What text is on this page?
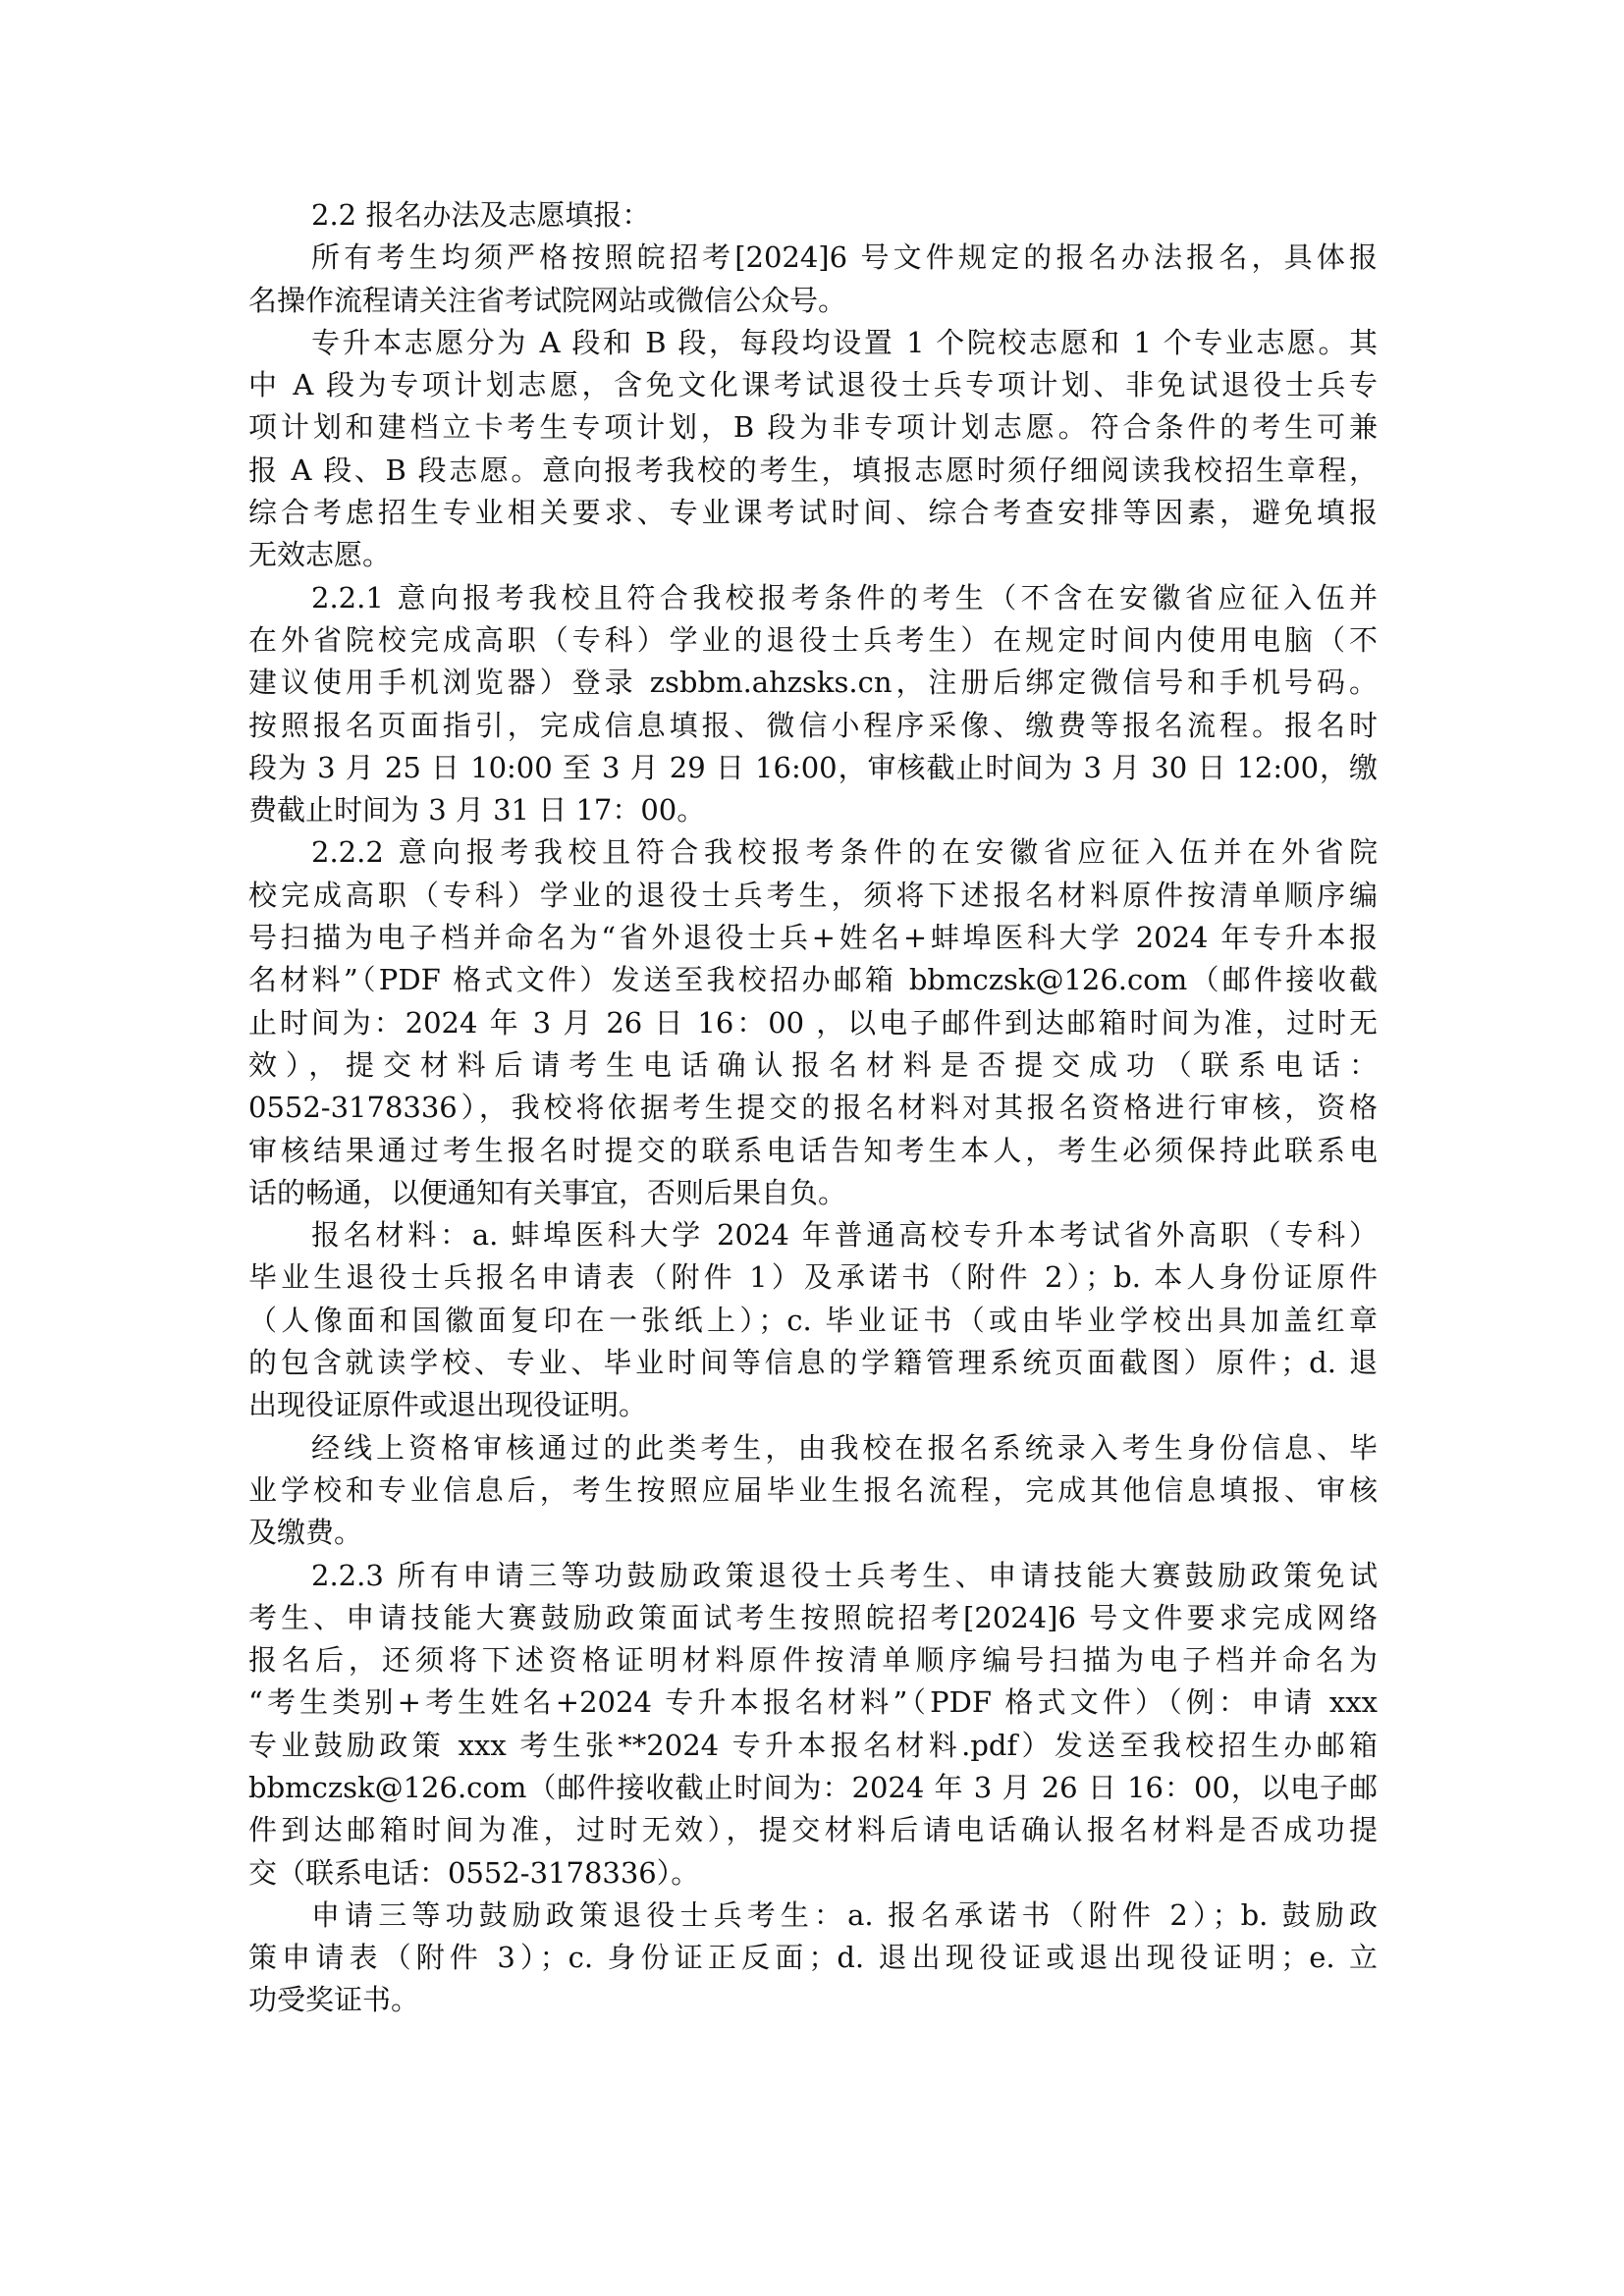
2.2 报名办法及志愿填报：

所有考生均须严格按照皖招考[2024]6 号文件规定的报名办法报名，具体报
名操作流程请关注省考试院网站或微信公众号。

专升本志愿分为 A 段和 B 段，每段均设置 1 个院校志愿和 1 个专业志愿。其
中 A 段为专项计划志愿，含免文化课考试退役士兵专项计划、非免试退役士兵专
项计划和建档立卡考生专项计划，B 段为非专项计划志愿。符合条件的考生可兼
报 A 段、B 段志愿。意向报考我校的考生，填报志愿时须仔细阅读我校招生章程，
综合考虑招生专业相关要求、专业课考试时间、综合考查安排等因素，避免填报
无效志愿。

2.2.1 意向报考我校且符合我校报考条件的考生（不含在安徽省应征入伍并
在外省院校完成高职（专科）学业的退役士兵考生）在规定时间内使用电脑（不
建议使用手机浏览器）登录 zsbbm.ahzsks.cn，注册后绑定微信号和手机号码。
按照报名页面指引，完成信息填报、微信小程序采像、缴费等报名流程。报名时
段为 3 月 25 日 10:00 至 3 月 29 日 16:00，审核截止时间为 3 月 30 日 12:00，缴
费截止时间为 3 月 31 日 17：00。

2.2.2 意向报考我校且符合我校报考条件的在安徽省应征入伍并在外省院
校完成高职（专科）学业的退役士兵考生，须将下述报名材料原件按清单顺序编
号扫描为电子档并命名为“省外退役士兵+姓名+蚌埠医科大学 2024 年专升本报
名材料”（PDF 格式文件）发送至我校招办邮箱 bbmczsk@126.com（邮件接收截
止时间为：2024 年 3 月 26 日 16：00 ，以电子邮件到达邮箱时间为准，过时无
效），提交材料后请考生电话确认报名材料是否提交成功（联系电话：
0552-3178336），我校将依据考生提交的报名材料对其报名资格进行审核，资格
审核结果通过考生报名时提交的联系电话告知考生本人，考生必须保持此联系电
话的畅通，以便通知有关事宜，否则后果自负。

报名材料：a. 蚌埠医科大学 2024 年普通高校专升本考试省外高职（专科）
毕业生退役士兵报名申请表（附件 1）及承诺书（附件 2）；b. 本人身份证原件
（人像面和国徽面复印在一张纸上）；c. 毕业证书（或由毕业学校出具加盖红章
的包含就读学校、专业、毕业时间等信息的学籍管理系统页面截图）原件；d. 退
出现役证原件或退出现役证明。

经线上资格审核通过的此类考生，由我校在报名系统录入考生身份信息、毕
业学校和专业信息后，考生按照应届毕业生报名流程，完成其他信息填报、审核
及缴费。

2.2.3 所有申请三等功鼓励政策退役士兵考生、申请技能大赛鼓励政策免试
考生、申请技能大赛鼓励政策面试考生按照皖招考[2024]6 号文件要求完成网络
报名后，还须将下述资格证明材料原件按清单顺序编号扫描为电子档并命名为
“考生类别+考生姓名+2024 专升本报名材料”（PDF 格式文件）（例：申请 xxx
专业鼓励政策 xxx 考生张**2024 专升本报名材料.pdf）发送至我校招生办邮箱
bbmczsk@126.com（邮件接收截止时间为：2024 年 3 月 26 日 16：00，以电子邮
件到达邮箱时间为准，过时无效），提交材料后请电话确认报名材料是否成功提
交（联系电话：0552-3178336）。

申请三等功鼓励政策退役士兵考生：a. 报名承诺书（附件 2）；b. 鼓励政
策申请表（附件 3）；c. 身份证正反面；d. 退出现役证或退出现役证明；e. 立
功受奖证书。
